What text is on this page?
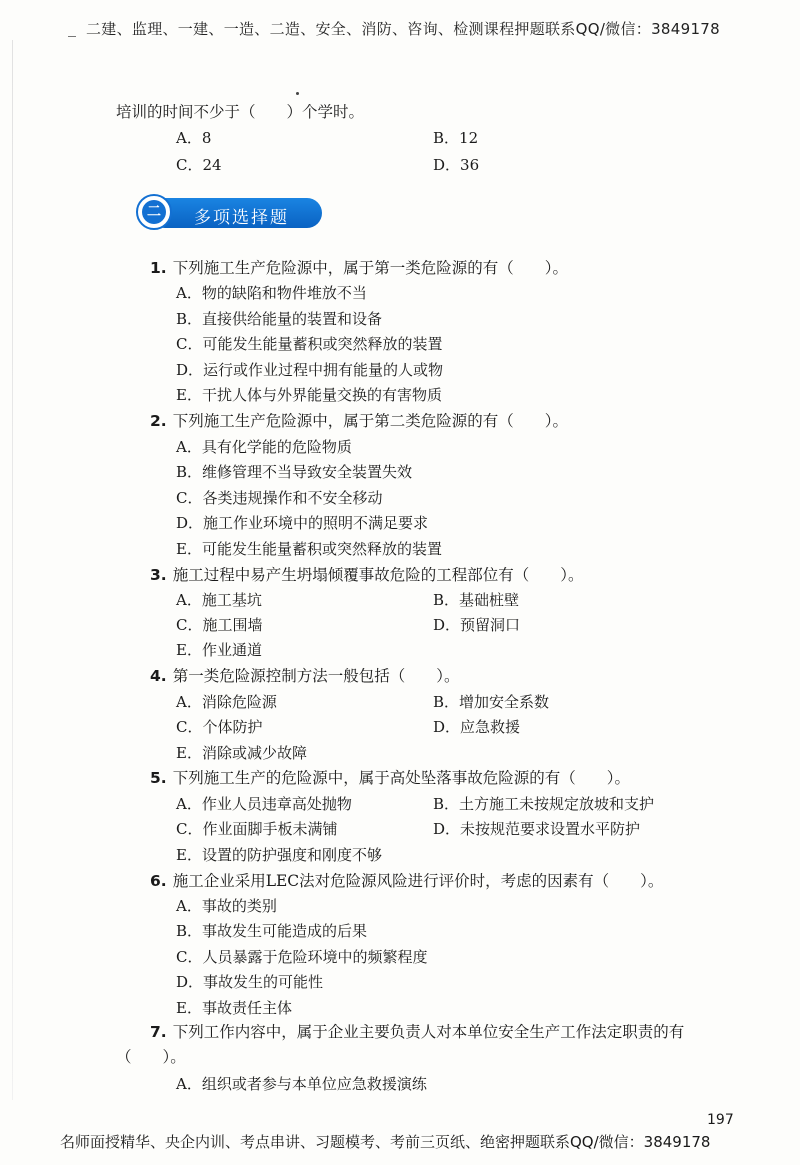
二建、监理、一建、一造、二造、安全、消防、咨询、检测课程押题联系QQ/微信：3849178
培训的时间不少于（　　）个学时。
A．8	B．12
C．24	D．36
二 多项选择题
1. 下列施工生产危险源中，属于第一类危险源的有（　　）。
A．物的缺陷和物件堆放不当
B．直接供给能量的装置和设备
C．可能发生能量蓄积或突然释放的装置
D．运行或作业过程中拥有能量的人或物
E．干扰人体与外界能量交换的有害物质
2. 下列施工生产危险源中，属于第二类危险源的有（　　）。
A．具有化学能的危险物质
B．维修管理不当导致安全装置失效
C．各类违规操作和不安全移动
D．施工作业环境中的照明不满足要求
E．可能发生能量蓄积或突然释放的装置
3. 施工过程中易产生坍塌倾覆事故危险的工程部位有（　　）。
A．施工基坑	B．基础桩壁
C．施工围墙	D．预留洞口
E．作业通道
4. 第一类危险源控制方法一般包括（　　）。
A．消除危险源	B．增加安全系数
C．个体防护	D．应急救援
E．消除或减少故障
5. 下列施工生产的危险源中，属于高处坠落事故危险源的有（　　）。
A．作业人员违章高处抛物	B．土方施工未按规定放坡和支护
C．作业面脚手板未满铺	D．未按规范要求设置水平防护
E．设置的防护强度和刚度不够
6. 施工企业采用LEC法对危险源风险进行评价时，考虑的因素有（　　）。
A．事故的类别
B．事故发生可能造成的后果
C．人员暴露于危险环境中的频繁程度
D．事故发生的可能性
E．事故责任主体
7. 下列工作内容中，属于企业主要负责人对本单位安全生产工作法定职责的有
（　　）。
A．组织或者参与本单位应急救援演练
197
名师面授精华、央企内训、考点串讲、习题模考、考前三页纸、绝密押题联系QQ/微信：3849178
